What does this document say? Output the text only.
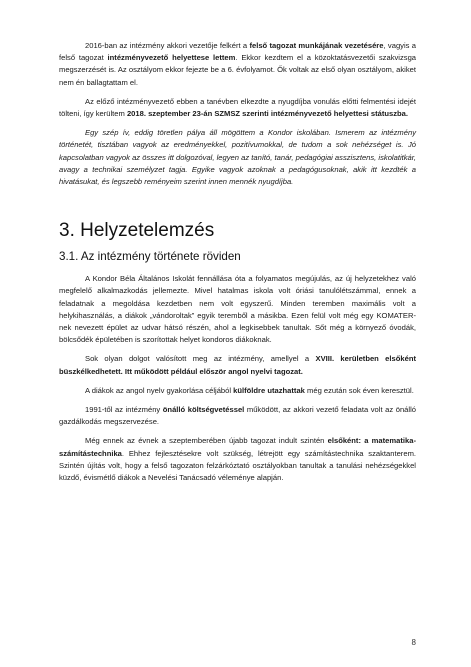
2016-ban az intézmény akkori vezetője felkért a felső tagozat munkájának vezetésére, vagyis a felső tagozat intézményvezető helyettese lettem. Ekkor kezdtem el a közoktatásvezetői szakvizsga megszerzését is. Az osztályom ekkor fejezte be a 6. évfolyamot. Ők voltak az első olyan osztályom, akiket nem én ballagtattam el.

Az előző intézményvezető ebben a tanévben elkezdte a nyugdíjba vonulás előtti felmentési idejét tölteni, így kerültem 2018. szeptember 23-án SZMSZ szerinti intézményvezető helyettesi státuszba.

Egy szép ív, eddig töretlen pálya áll mögöttem a Kondor iskolában. Ismerem az intézmény történetét, tisztában vagyok az eredményekkel, pozitívumokkal, de tudom a sok nehézséget is. Jó kapcsolatban vagyok az összes itt dolgozóval, legyen az tanító, tanár, pedagógiai asszisztens, iskolatitkár, avagy a technikai személyzet tagja. Egyike vagyok azoknak a pedagógusoknak, akik itt kezdték a hivatásukat, és legszebb reményeim szerint innen mennék nyugdíjba.

3. Helyzetelemzés
3.1. Az intézmény története röviden

A Kondor Béla Általános Iskolát fennállása óta a folyamatos megújulás, az új helyzetekhez való megfelelő alkalmazkodás jellemezte. Mivel hatalmas iskola volt óriási tanulólétszámmal, ennek a feladatnak a megoldása kezdetben nem volt egyszerű. Minden teremben maximális volt a helykihasználás, a diákok „vándoroltak” egyik teremből a másikba. Ezen felül volt még egy KOMATER-nek nevezett épület az udvar hátsó részén, ahol a legkisebbek tanultak. Sőt még a környező óvodák, bölcsődék épületében is szorítottak helyet kondoros diákoknak.

Sok olyan dolgot valósított meg az intézmény, amellyel a XVIII. kerületben elsőként büszkélkedhetett. Itt működött például először angol nyelvi tagozat.

A diákok az angol nyelv gyakorlása céljából külföldre utazhattak még ezután sok éven keresztül.

1991-től az intézmény önálló költségvetéssel működött, az akkori vezető feladata volt az önálló gazdálkodás megszervezése.

Még ennek az évnek a szeptemberében újabb tagozat indult szintén elsőként: a matematika-számítástechnika. Ehhez fejlesztésekre volt szükség, létrejött egy számítástechnika szaktanterem. Szintén újítás volt, hogy a felső tagozaton felzárkóztató osztályokban tanultak a tanulási nehézségekkel küzdő, évismétlő diákok a Nevelési Tanácsadó véleménye alapján.

8
